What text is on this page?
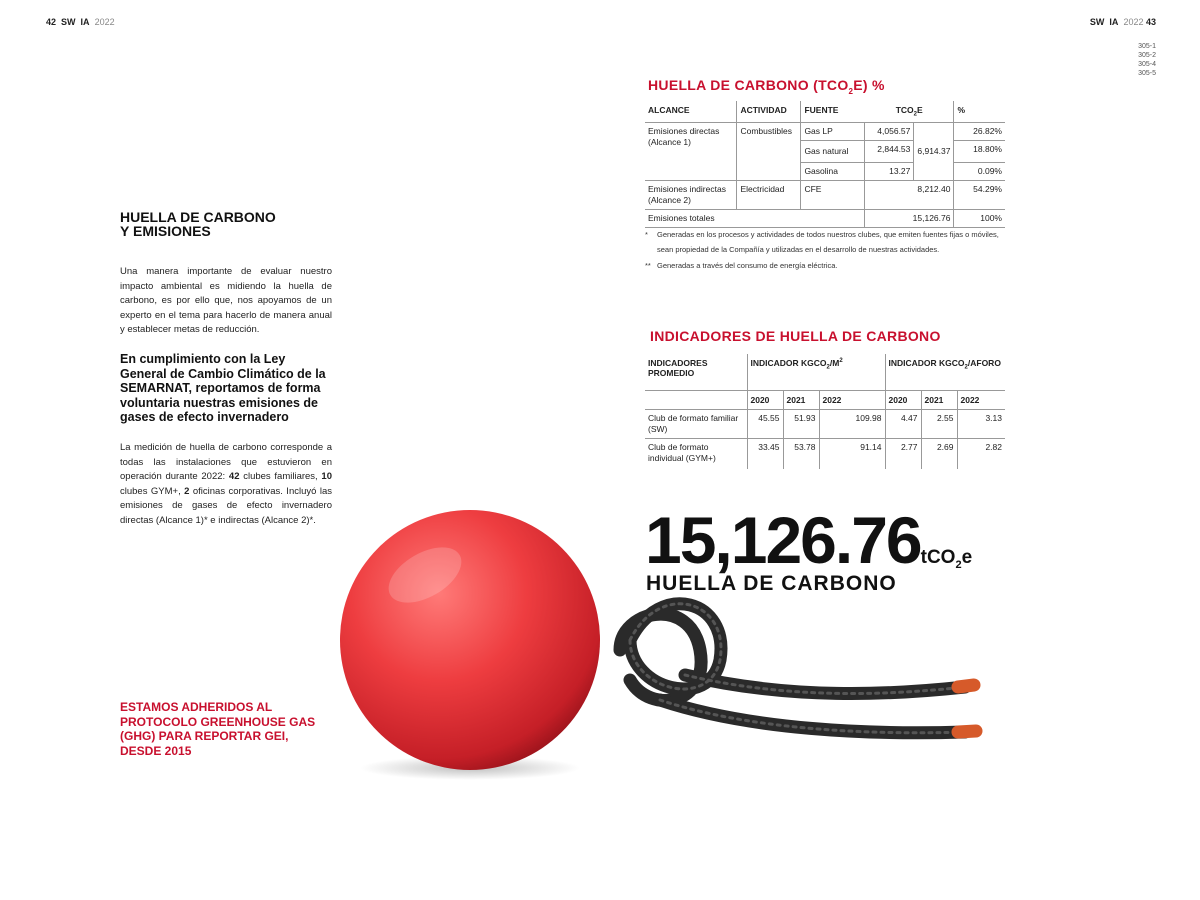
42 SW IA 2022	SW IA 2022 43
305-1
305-2
305-4
305-5
HUELLA DE CARBONO
Y EMISIONES

Una manera importante de evaluar nuestro impacto ambiental es midiendo la huella de carbono, es por ello que, nos apoyamos de un experto en el tema para hacerlo de manera anual y establecer metas de reducción.

En cumplimiento con la Ley General de Cambio Climático de la SEMARNAT, reportamos de forma voluntaria nuestras emisiones de gases de efecto invernadero

La medición de huella de carbono corresponde a todas las instalaciones que estuvieron en operación durante 2022: 42 clubes familiares, 10 clubes GYM+, 2 oficinas corporativas. Incluyó las emisiones de gases de efecto invernadero directas (Alcance 1)* e indirectas (Alcance 2)*.

ESTAMOS ADHERIDOS AL PROTOCOLO GREENHOUSE GAS (GHG) PARA REPORTAR GEI, DESDE 2015
HUELLA DE CARBONO $(TCO_2E)$ %
ALCANCE	ACTIVIDAD	FUENTE	$TCO_2E$		%
Emisiones directas (Alcance 1)	Combustibles	Gas LP	4,056.57	6,914.37	26.82%
		Gas natural	2,844.53		18.80%
		Gasolina	13.27		0.09%
Emisiones indirectas (Alcance 2)	Electricidad	CFE	8,212.40		54.29%
Emisiones totales			15,126.76		100%
*	Generadas en los procesos y actividades de todos nuestros clubes, que emiten fuentes fijas o móviles, sean propiedad de la Compañía y utilizadas en el desarrollo de nuestras actividades.
** Generadas a través del consumo de energía eléctrica.
INDICADORES DE HUELLA DE CARBONO
INDICADORES PROMEDIO	INDICADOR $KGCO_2/M^2$			INDICADOR $KGCO_2$/AFORO		
	2020	2021	2022	2020	2021	2022
Club de formato familiar (SW)	45.55	51.93	109.98	4.47	2.55	3.13
Club de formato individual (GYM+)	33.45	53.78	91.14	2.77	2.69	2.82
15,126.76tCO$_2$e
HUELLA DE CARBONO
